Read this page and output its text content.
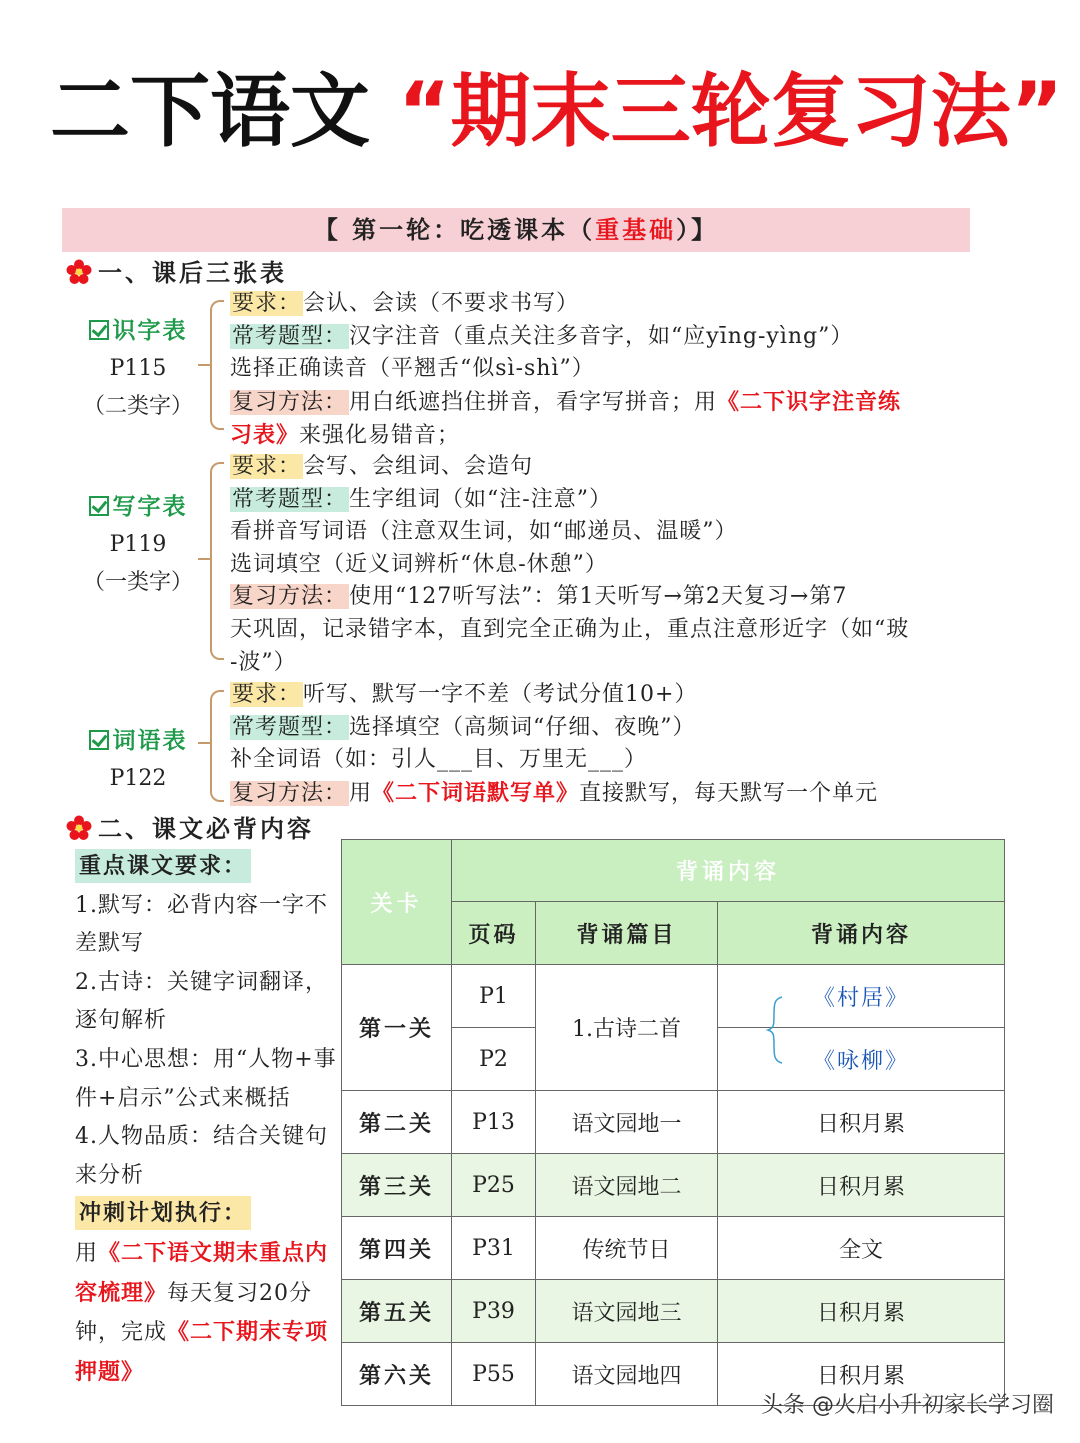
二下语文 “期末三轮复习法”
【 第一轮：吃透课本（重基础）】
一、课后三张表
识字表
P115
（二类字）
要求：会认、会读（不要求书写）
常考题型：汉字注音（重点关注多音字，如“应yīng-yìng”）
选择正确读音（平翘舌“似sì-shì”）
复习方法：用白纸遮挡住拼音，看字写拼音；用《二下识字注音练
习表》来强化易错音；
写字表
P119
（一类字）
要求：会写、会组词、会造句
常考题型：生字组词（如“注-注意”）
看拼音写词语（注意双生词，如“邮递员、温暖”）
选词填空（近义词辨析“休息-休憩”）
复习方法：使用“127听写法”：第1天听写→第2天复习→第7
天巩固，记录错字本，直到完全正确为止，重点注意形近字（如“玻
-波”）
词语表
P122
要求：听写、默写一字不差（考试分值10+）
常考题型：选择填空（高频词“仔细、夜晚”）
补全词语（如：引人___目、万里无___）
复习方法：用《二下词语默写单》直接默写，每天默写一个单元
二、课文必背内容
重点课文要求：
1.默写：必背内容一字不差默写
2.古诗：关键字词翻译，逐句解析
3.中心思想：用“人物+事件+启示”公式来概括
4.人物品质：结合关键句来分析
冲刺计划执行：
用《二下语文期末重点内容梳理》每天复习20分钟，完成《二下期末专项押题》
关卡	背诵内容		
	页码	背诵篇目	背诵内容
第一关	P1	1.古诗二首	《村居》
	P2		《咏柳》
第二关	P13	语文园地一	日积月累
第三关	P25	语文园地二	日积月累
第四关	P31	传统节日	全文
第五关	P39	语文园地三	日积月累
第六关	P55	语文园地四	日积月累
头条 @火启小升初家长学习圈
